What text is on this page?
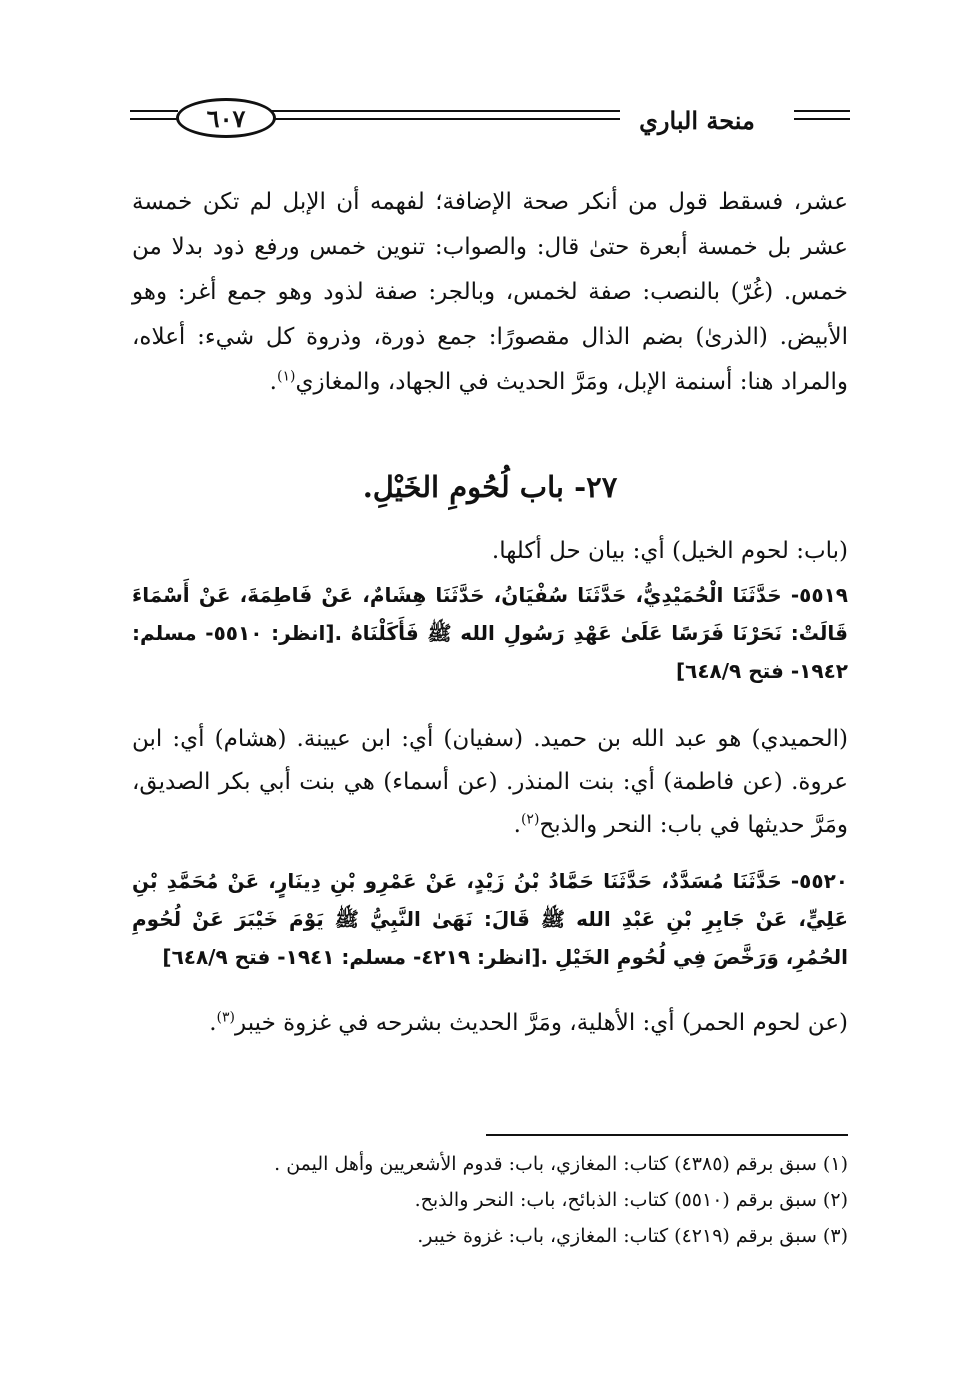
٦٠٧	منحة الباري
عشر، فسقط قول من أنكر صحة الإضافة؛ لفهمه أن الإبل لم تكن خمسة عشر بل خمسة أبعرة حتىٰ قال: والصواب: تنوين خمس ورفع ذود بدلا من خمس. (غُرّ) بالنصب: صفة لخمس، وبالجر: صفة لذود وهو جمع أغر: وهو الأبيض. (الذرىٰ) بضم الذال مقصورًا: جمع ذورة، وذروة كل شيء: أعلاه، والمراد هنا: أسنمة الإبل، ومَرَّ الحديث في الجهاد، والمغازي$^{(١)}$.
٢٧- باب لُحُومِ الخَيْلِ.
(باب: لحوم الخيل) أي: بيان حل أكلها.
٥٥١٩- حَدَّثَنَا الْحُمَيْدِيُّ، حَدَّثَنَا سُفْيَانُ، حَدَّثَنَا هِشَامٌ، عَنْ فَاطِمَةَ، عَنْ أَسْمَاءَ قَالَتْ: نَحَرْنَا فَرَسًا عَلَىٰ عَهْدِ رَسُولِ الله ﷺ فَأَكَلْنَاهُ .[انظر: ٥٥١٠- مسلم: ١٩٤٢- فتح ٦٤٨/٩]
(الحميدي) هو عبد الله بن حميد. (سفيان) أي: ابن عيينة. (هشام) أي: ابن عروة. (عن فاطمة) أي: بنت المنذر. (عن أسماء) هي بنت أبي بكر الصديق، ومَرَّ حديثها في باب: النحر والذبح$^{(٢)}$.
٥٥٢٠- حَدَّثَنَا مُسَدَّدٌ، حَدَّثَنَا حَمَّادُ بْنُ زَيْدٍ، عَنْ عَمْرِو بْنِ دِينَارٍ، عَنْ مُحَمَّدِ بْنِ عَلِيٍّ، عَنْ جَابِرِ بْنِ عَبْدِ الله ﷺ قَالَ: نَهَىٰ النَّبِيُّ ﷺ يَوْمَ خَيْبَرَ عَنْ لُحُومِ الحُمُرِ، وَرَخَّصَ فِي لُحُومِ الخَيْلِ .[انظر: ٤٢١٩- مسلم: ١٩٤١- فتح ٦٤٨/٩]
(عن لحوم الحمر) أي: الأهلية، ومَرَّ الحديث بشرحه في غزوة خيبر$^{(٣)}$.
(١) سبق برقم (٤٣٨٥) كتاب: المغازي، باب: قدوم الأشعريين وأهل اليمن .
(٢) سبق برقم (٥٥١٠) كتاب: الذبائح، باب: النحر والذبح.
(٣) سبق برقم (٤٢١٩) كتاب: المغازي، باب: غزوة خيبر.
